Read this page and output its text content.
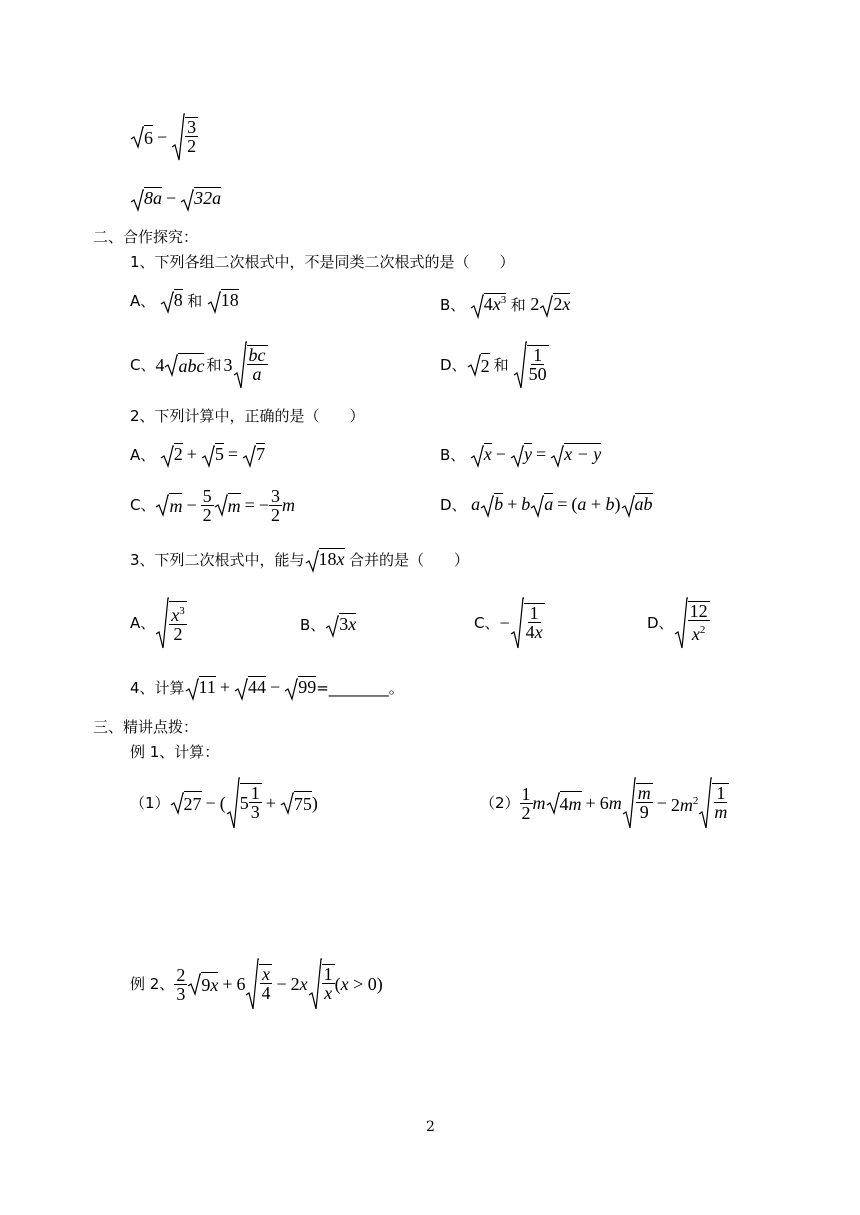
$6 - \frac{3}{2}$
8a − 32a
二、合作探究：
1、下列各组二次根式中，不是同类二次根式的是（　　）
A、 8 和 18	B、 $4x^3$ 和 2 2x
C、 4 abc 和 $3 \frac{bc}{a}$	D、 2 和 $\frac{1}{50}$
2、下列计算中，正确的是（　　）
A、 2 + 5 = 7	B、 x − y = x − y
C、 $m - \frac{5}{2}$ m = − $\frac{3}{2}$ m	D、 a b + b a = (a + b) ab
3、下列二次根式中，能与 18x 合并的是（　　）
A、 $\frac{x^3}{2}$	B、 3x	C、 − $\frac{1}{4x}$	D、 $\frac{12}{x^2}$
4、计算 11 + 44 − 99=________。
三、精讲点拨：
例 1、计算：
（1） 27 − ( $5 \frac{1}{3} + 75$ )	$(2) \frac{1}{2}$ m $4m + 6m \frac{m}{9} - 2m^2 \frac{1}{m}$
例 2、 $\frac{2}{3} 9x + 6 \frac{x}{4} - 2x \frac{1}{x} (x > 0)$
2
